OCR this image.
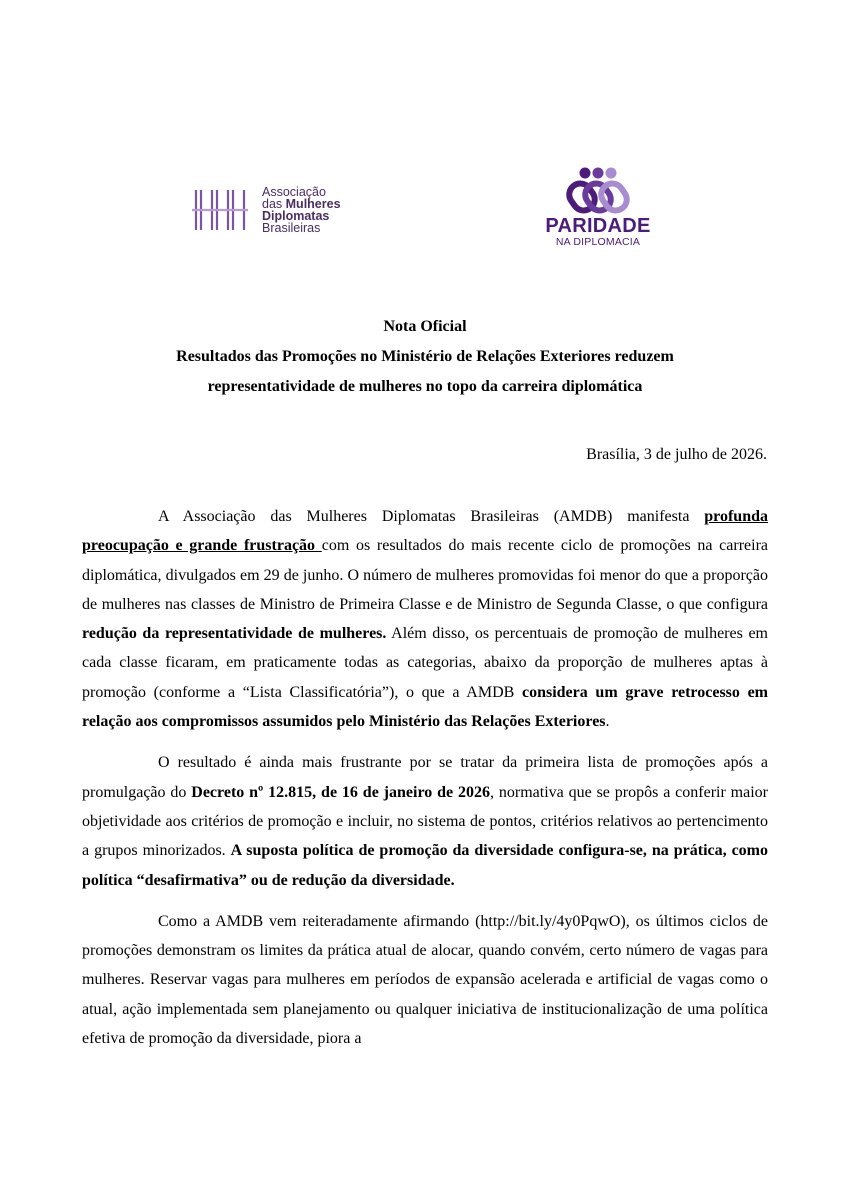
Associação
das Mulheres
Diplomatas
Brasileiras	PARIDADE
NA DIPLOMACIA
Nota Oficial
Resultados das Promoções no Ministério de Relações Exteriores reduzem
representatividade de mulheres no topo da carreira diplomática
Brasília, 3 de julho de 2026.

A Associação das Mulheres Diplomatas Brasileiras (AMDB) manifesta profunda preocupação e grande frustração com os resultados do mais recente ciclo de promoções na carreira diplomática, divulgados em 29 de junho. O número de mulheres promovidas foi menor do que a proporção de mulheres nas classes de Ministro de Primeira Classe e de Ministro de Segunda Classe, o que configura redução da representatividade de mulheres. Além disso, os percentuais de promoção de mulheres em cada classe ficaram, em praticamente todas as categorias, abaixo da proporção de mulheres aptas à promoção (conforme a “Lista Classificatória”), o que a AMDB considera um grave retrocesso em relação aos compromissos assumidos pelo Ministério das Relações Exteriores.

O resultado é ainda mais frustrante por se tratar da primeira lista de promoções após a promulgação do Decreto nº 12.815, de 16 de janeiro de 2026, normativa que se propôs a conferir maior objetividade aos critérios de promoção e incluir, no sistema de pontos, critérios relativos ao pertencimento a grupos minorizados. A suposta política de promoção da diversidade configura-se, na prática, como política “desafirmativa” ou de redução da diversidade.

Como a AMDB vem reiteradamente afirmando (http://bit.ly/4y0PqwO), os últimos ciclos de promoções demonstram os limites da prática atual de alocar, quando convém, certo número de vagas para mulheres. Reservar vagas para mulheres em períodos de expansão acelerada e artificial de vagas como o atual, ação implementada sem planejamento ou qualquer iniciativa de institucionalização de uma política efetiva de promoção da diversidade, piora a
